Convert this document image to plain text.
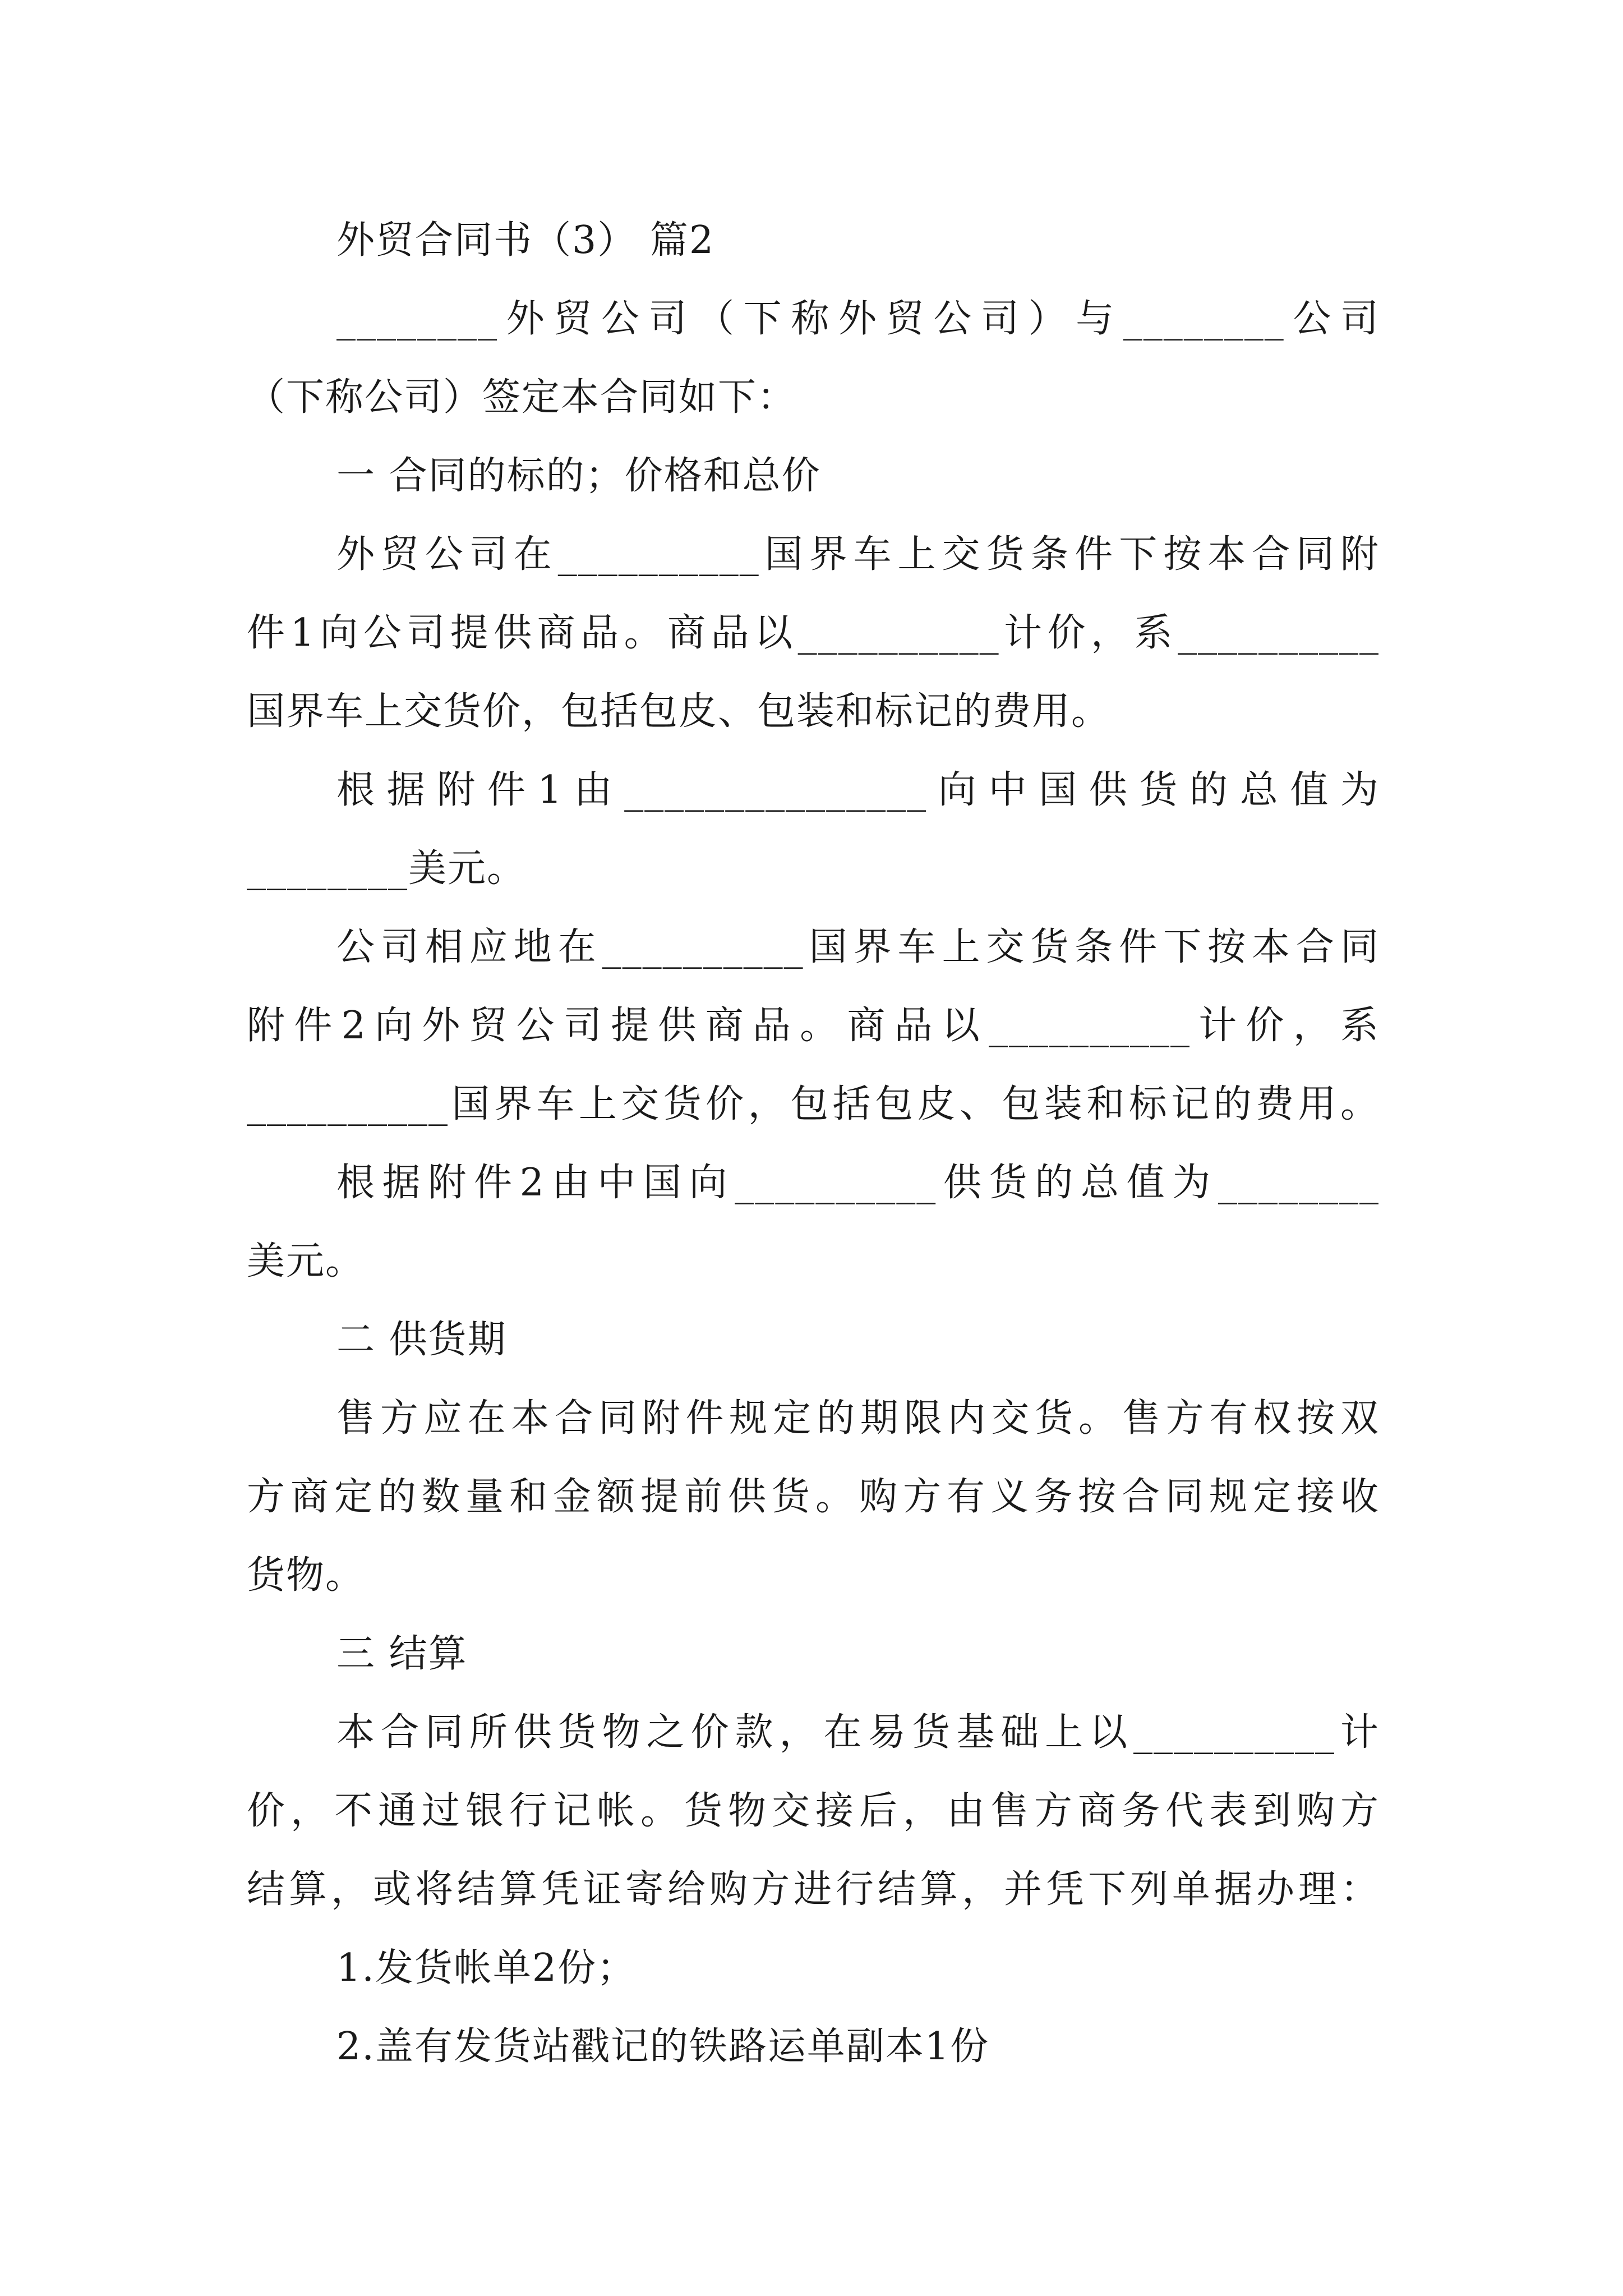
外贸合同书（3） 篇2
________外贸公司（下称外贸公司）与________公司
（下称公司）签定本合同如下：
一 合同的标的；价格和总价
外贸公司在__________国界车上交货条件下按本合同附
件1向公司提供商品。商品以__________计价，系__________
国界车上交货价，包括包皮、包装和标记的费用。
根据附件1由_______________向中国供货的总值为
________美元。
公司相应地在__________国界车上交货条件下按本合同
附件2向外贸公司提供商品。商品以__________计价，系
__________国界车上交货价，包括包皮、包装和标记的费用。
根据附件2由中国向__________供货的总值为________
美元。
二 供货期
售方应在本合同附件规定的期限内交货。售方有权按双
方商定的数量和金额提前供货。购方有义务按合同规定接收
货物。
三 结算
本合同所供货物之价款，在易货基础上以__________计
价，不通过银行记帐。货物交接后，由售方商务代表到购方
结算，或将结算凭证寄给购方进行结算，并凭下列单据办理：
1.发货帐单2份；
2.盖有发货站戳记的铁路运单副本1份
